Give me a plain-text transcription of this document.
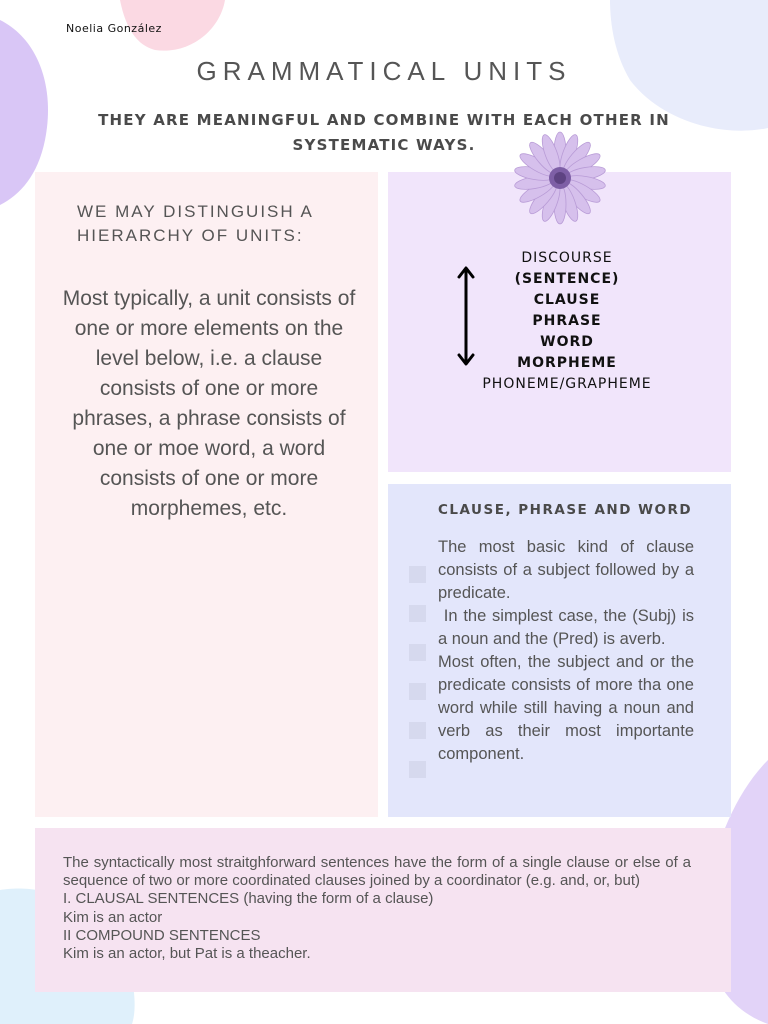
Noelia González
GRAMMATICAL UNITS
THEY ARE MEANINGFUL AND COMBINE WITH EACH OTHER IN SYSTEMATIC WAYS.
WE MAY DISTINGUISH A HIERARCHY OF UNITS:
Most typically, a unit consists of one or more elements on the level below, i.e. a clause consists of one or more phrases, a phrase consists of one or moe word, a word consists of one or more morphemes, etc.
DISCOURSE
(SENTENCE)
CLAUSE
PHRASE
WORD
MORPHEME
PHONEME/GRAPHEME
CLAUSE, PHRASE AND WORD
The most basic kind of clause consists of a subject followed by a predicate.
In the simplest case, the (Subj) is a noun and the (Pred) is averb.
Most often, the subject and or the predicate consists of more tha one word while still having a noun and verb as their most importante component.
The syntactically most straitghforward sentences have the form of a single clause or else of a sequence of two or more coordinated clauses joined by a coordinator (e.g. and, or, but)
I. CLAUSAL SENTENCES (having the form of a clause)
Kim is an actor
II COMPOUND SENTENCES
Kim is an actor, but Pat is a theacher.
